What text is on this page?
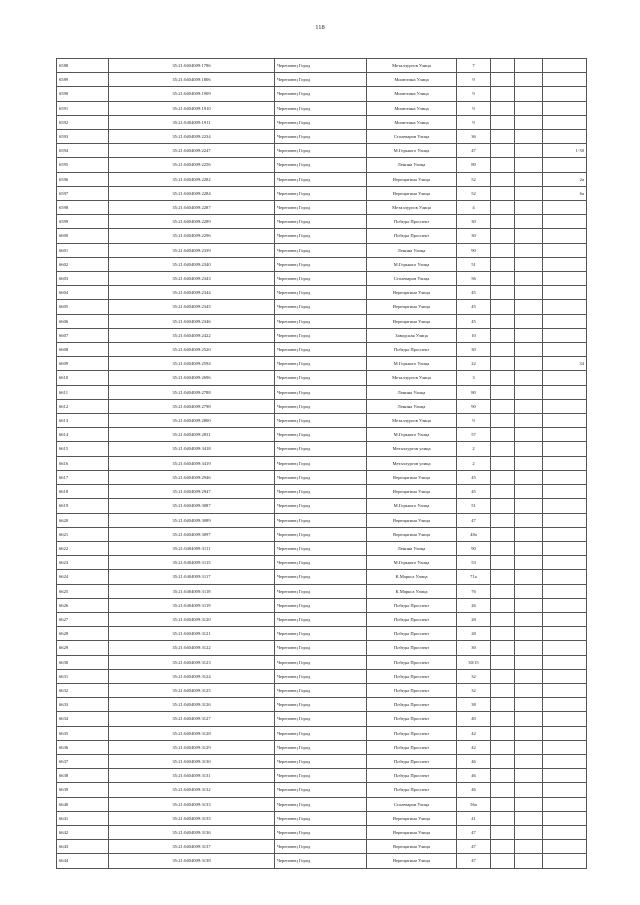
118
6588	35:21:0404009:1786	Череповец Город	Металлургов Улица	7			
6589	35:21:0404009:1806	Череповец Город	Милютина Улица	9			
6590	35:21:0404009:1909	Череповец Город	Милютина Улица	9			
6591	35:21:0404009:1910	Череповец Город	Милютина Улица	9			
6592	35:21:0404009:1911	Череповец Город	Милютина Улица	9			
6593	35:21:0404009:2234	Череповец Город	Сталеваров Улица	36			
6594	35:21:0404009:2247	Череповец Город	М.Горького Улица	47			1-30
6595	35:21:0404009:2256	Череповец Город	Ленина Улица	80			
6596	35:21:0404009:2282	Череповец Город	Верещагина Улица	52			2а
6597	35:21:0404009:2284	Череповец Город	Верещагина Улица	52			6а
6598	35:21:0404009:2287	Череповец Город	Металлургов Улица	4			
6599	35:21:0404009:2289	Череповец Город	Победы Проспект	30			
6600	35:21:0404009:2296	Череповец Город	Победы Проспект	30			
6601	35:21:0404009:2339	Череповец Город	Ленина Улица	90			
6602	35:21:0404009:2340	Череповец Город	М.Горького Улица	51			
6603	35:21:0404009:2343	Череповец Город	Сталеваров Улица	56			
6604	35:21:0404009:2344	Череповец Город	Верещагина Улица	45			
6605	35:21:0404009:2345	Череповец Город	Верещагина Улица	45			
6606	35:21:0404009:2346	Череповец Город	Верещагина Улица	45			
6607	35:21:0404009:2422	Череповец Город	Заводская Улица	10			
6608	35:21:0404009:2520	Череповец Город	Победы Проспект	30			
6609	35:21:0404009:2594	Череповец Город	М.Горького Улица	22			34
6610	35:21:0404009:2696	Череповец Город	Металлургов Улица	3			
6611	35:21:0404009:2788	Череповец Город	Ленина Улица	80			
6612	35:21:0404009:2798	Череповец Город	Ленина Улица	90			
6613	35:21:0404009:2800	Череповец Город	Металлургов Улица	9			
6614	35:21:0404009:2831	Череповец Город	М.Горького Улица	57			
6615	35:21:0404009:3418	Череповец Город	Металлургов улица	2			
6616	35:21:0404009:3419	Череповец Город	Металлургов улица	2			
6617	35:21:0404009:2946	Череповец Город	Верещагина Улица	45			
6618	35:21:0404009:2947	Череповец Город	Верещагина Улица	45			
6619	35:21:0404009:3087	Череповец Город	М.Горького Улица	51			
6620	35:21:0404009:3089	Череповец Город	Верещагина Улица	47			
6621	35:21:0404009:3097	Череповец Город	Верещагина Улица	48а			
6622	35:21:0404009:3111	Череповец Город	Ленина Улица	90			
6623	35:21:0404009:3115	Череповец Город	М.Горького Улица	53			
6624	35:21:0404009:3117	Череповец Город	К.Маркса Улица	71а			
6625	35:21:0404009:3118	Череповец Город	К.Маркса Улица	76			
6626	35:21:0404009:3119	Череповец Город	Победы Проспект	26			
6627	35:21:0404009:3120	Череповец Город	Победы Проспект	28			
6628	35:21:0404009:3121	Череповец Город	Победы Проспект	28			
6629	35:21:0404009:3122	Череповец Город	Победы Проспект	30			
6630	35:21:0404009:3123	Череповец Город	Победы Проспект	30/15			
6631	35:21:0404009:3124	Череповец Город	Победы Проспект	32			
6632	35:21:0404009:3125	Череповец Город	Победы Проспект	32			
6633	35:21:0404009:3126	Череповец Город	Победы Проспект	38			
6634	35:21:0404009:3127	Череповец Город	Победы Проспект	40			
6635	35:21:0404009:3128	Череповец Город	Победы Проспект	42			
6636	35:21:0404009:3129	Череповец Город	Победы Проспект	42			
6637	35:21:0404009:3130	Череповец Город	Победы Проспект	46			
6638	35:21:0404009:3131	Череповец Город	Победы Проспект	46			
6639	35:21:0404009:3132	Череповец Город	Победы Проспект	46			
6640	35:21:0404009:3133	Череповец Город	Сталеваров Улица	56а			
6641	35:21:0404009:3135	Череповец Город	Верещагина Улица	41			
6642	35:21:0404009:3136	Череповец Город	Верещагина Улица	47			
6643	35:21:0404009:3137	Череповец Город	Верещагина Улица	47			
6644	35:21:0404009:3138	Череповец Город	Верещагина Улица	47			
